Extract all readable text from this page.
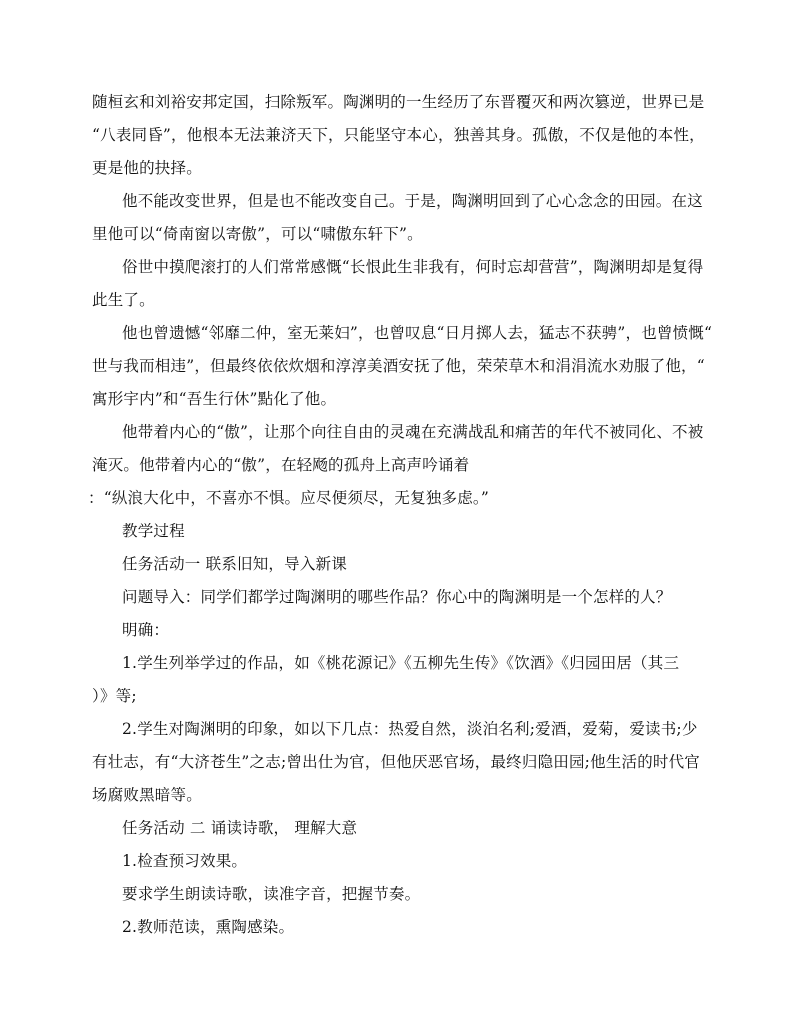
随桓玄和刘裕安邦定国，扫除叛军。陶渊明的一生经历了东晋覆灭和两次篡逆，世界已是
“八表同昏”，他根本无法兼济天下，只能坚守本心，独善其身。孤傲，不仅是他的本性，
更是他的抉择。
他不能改变世界，但是也不能改变自己。于是，陶渊明回到了心心念念的田园。在这
里他可以“倚南窗以寄傲”，可以“啸傲东轩下”。
俗世中摸爬滚打的人们常常感慨“长恨此生非我有，何时忘却营营”，陶渊明却是复得
此生了。
他也曾遗憾“邻靡二仲，室无莱妇”，也曾叹息“日月掷人去，猛志不获骋”，也曾愤慨“
世与我而相违”，但最终依依炊烟和淳淳美酒安抚了他，荣荣草木和涓涓流水劝服了他，“
寓形宇内”和“吾生行休”點化了他。
他带着内心的“傲”，让那个向往自由的灵魂在充满战乱和痛苦的年代不被同化、不被
淹灭。他带着内心的“傲”，在轻飏的孤舟上高声吟诵着
：“纵浪大化中，不喜亦不惧。应尽便须尽，无复独多虑。”
教学过程
任务活动一 联系旧知，导入新课
问题导入：同学们都学过陶渊明的哪些作品？你心中的陶渊明是一个怎样的人？
明确：
1.学生列举学过的作品，如《桃花源记》《五柳先生传》《饮酒》《归园田居（其三
）》等;
2.学生对陶渊明的印象，如以下几点：热爱自然，淡泊名利;爱酒，爱菊，爱读书;少
有壮志，有“大济苍生”之志;曾出仕为官，但他厌恶官场，最终归隐田园;他生活的时代官
场腐败黑暗等。
任务活动 二 诵读诗歌， 理解大意
1.检查预习效果。
要求学生朗读诗歌，读准字音，把握节奏。
2.教师范读，熏陶感染。
